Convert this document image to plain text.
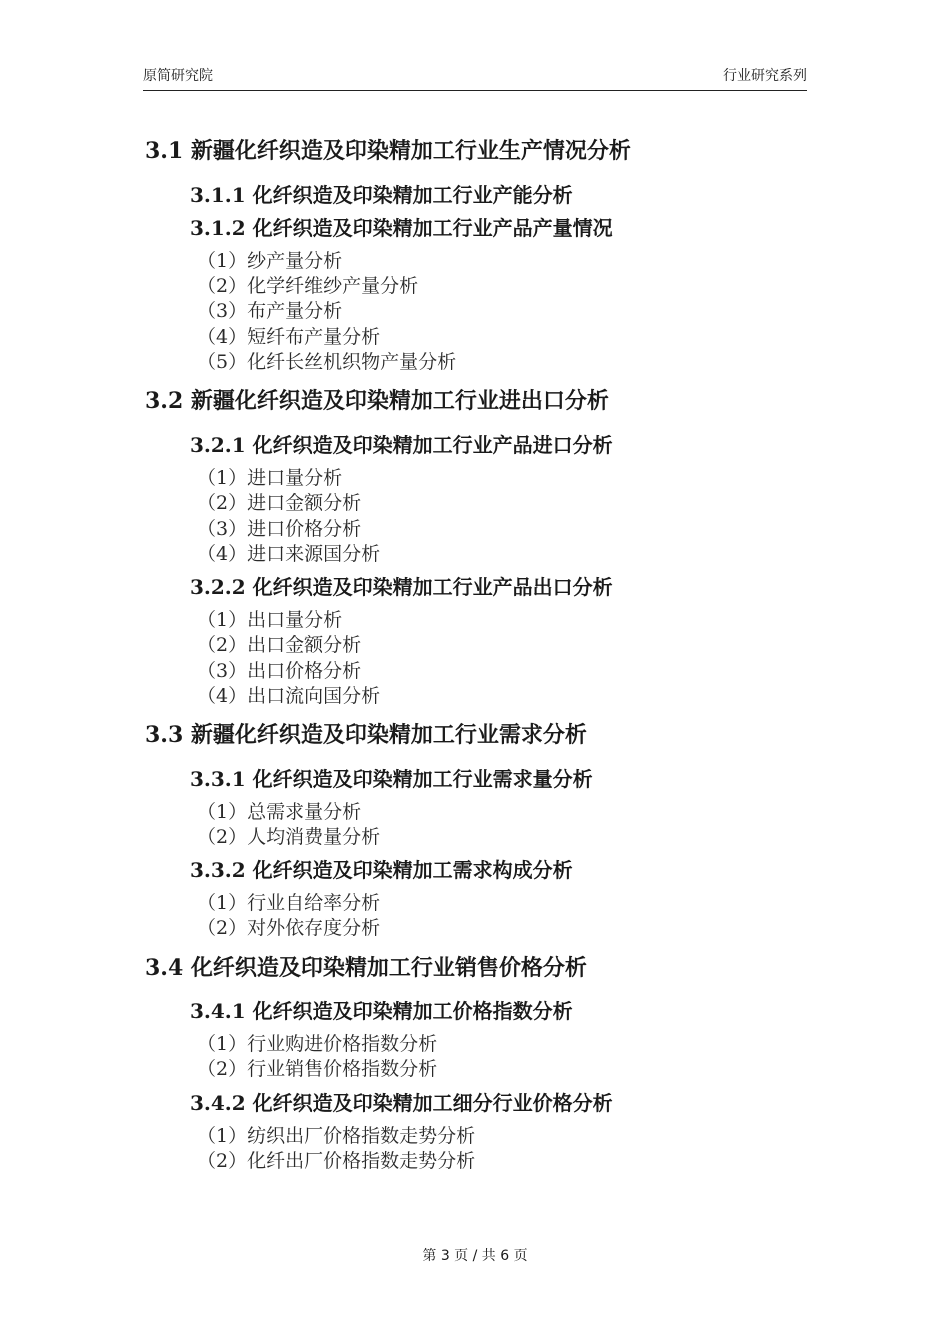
原简研究院	行业研究系列
3.1 新疆化纤织造及印染精加工行业生产情况分析
3.1.1 化纤织造及印染精加工行业产能分析
3.1.2 化纤织造及印染精加工行业产品产量情况
（1）纱产量分析
（2）化学纤维纱产量分析
（3）布产量分析
（4）短纤布产量分析
（5）化纤长丝机织物产量分析
3.2 新疆化纤织造及印染精加工行业进出口分析
3.2.1 化纤织造及印染精加工行业产品进口分析
（1）进口量分析
（2）进口金额分析
（3）进口价格分析
（4）进口来源国分析
3.2.2 化纤织造及印染精加工行业产品出口分析
（1）出口量分析
（2）出口金额分析
（3）出口价格分析
（4）出口流向国分析
3.3 新疆化纤织造及印染精加工行业需求分析
3.3.1 化纤织造及印染精加工行业需求量分析
（1）总需求量分析
（2）人均消费量分析
3.3.2 化纤织造及印染精加工需求构成分析
（1）行业自给率分析
（2）对外依存度分析
3.4 化纤织造及印染精加工行业销售价格分析
3.4.1 化纤织造及印染精加工价格指数分析
（1）行业购进价格指数分析
（2）行业销售价格指数分析
3.4.2 化纤织造及印染精加工细分行业价格分析
（1）纺织出厂价格指数走势分析
（2）化纤出厂价格指数走势分析
第 3 页 / 共 6 页
